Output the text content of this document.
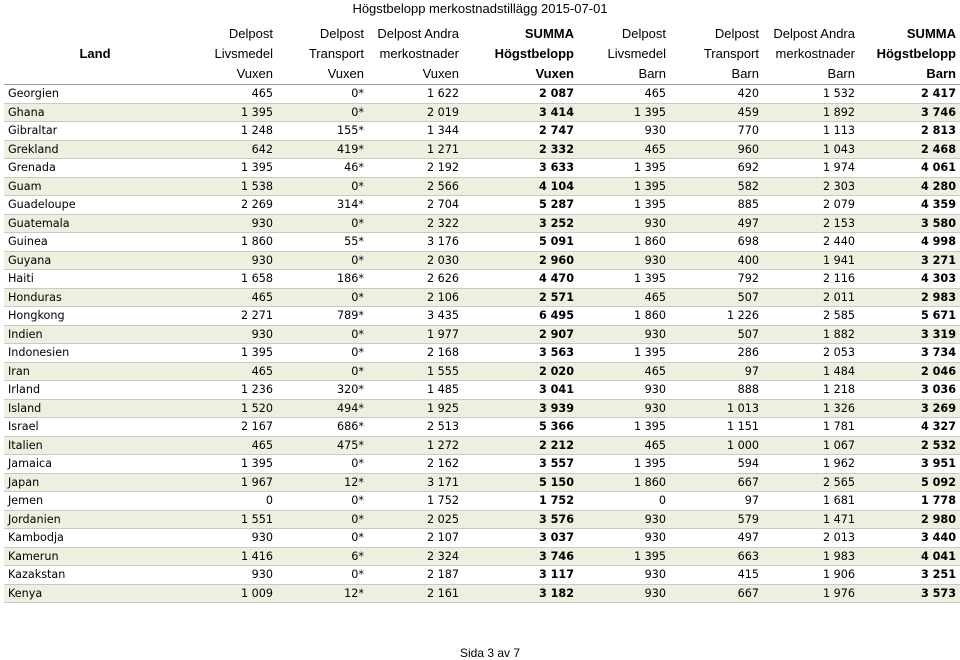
Högstbelopp merkostnadstillägg 2015-07-01
Land	Delpost
Livsmedel
Vuxen	Delpost
Transport
Vuxen	Delpost Andra
merkostnader
Vuxen	SUMMA
Högstbelopp
Vuxen	Delpost
Livsmedel
Barn	Delpost
Transport
Barn	Delpost Andra
merkostnader
Barn	SUMMA
Högstbelopp
Barn

Georgien	465	0*	1 622	2 087	465	420	1 532	2 417
Ghana	1 395	0*	2 019	3 414	1 395	459	1 892	3 746
Gibraltar	1 248	155*	1 344	2 747	930	770	1 113	2 813
Grekland	642	419*	1 271	2 332	465	960	1 043	2 468
Grenada	1 395	46*	2 192	3 633	1 395	692	1 974	4 061
Guam	1 538	0*	2 566	4 104	1 395	582	2 303	4 280
Guadeloupe	2 269	314*	2 704	5 287	1 395	885	2 079	4 359
Guatemala	930	0*	2 322	3 252	930	497	2 153	3 580
Guinea	1 860	55*	3 176	5 091	1 860	698	2 440	4 998
Guyana	930	0*	2 030	2 960	930	400	1 941	3 271
Haiti	1 658	186*	2 626	4 470	1 395	792	2 116	4 303
Honduras	465	0*	2 106	2 571	465	507	2 011	2 983
Hongkong	2 271	789*	3 435	6 495	1 860	1 226	2 585	5 671
Indien	930	0*	1 977	2 907	930	507	1 882	3 319
Indonesien	1 395	0*	2 168	3 563	1 395	286	2 053	3 734
Iran	465	0*	1 555	2 020	465	97	1 484	2 046
Irland	1 236	320*	1 485	3 041	930	888	1 218	3 036
Island	1 520	494*	1 925	3 939	930	1 013	1 326	3 269
Israel	2 167	686*	2 513	5 366	1 395	1 151	1 781	4 327
Italien	465	475*	1 272	2 212	465	1 000	1 067	2 532
Jamaica	1 395	0*	2 162	3 557	1 395	594	1 962	3 951
Japan	1 967	12*	3 171	5 150	1 860	667	2 565	5 092
Jemen	0	0*	1 752	1 752	0	97	1 681	1 778
Jordanien	1 551	0*	2 025	3 576	930	579	1 471	2 980
Kambodja	930	0*	2 107	3 037	930	497	2 013	3 440
Kamerun	1 416	6*	2 324	3 746	1 395	663	1 983	4 041
Kazakstan	930	0*	2 187	3 117	930	415	1 906	3 251
Kenya	1 009	12*	2 161	3 182	930	667	1 976	3 573
Sida 3 av 7
